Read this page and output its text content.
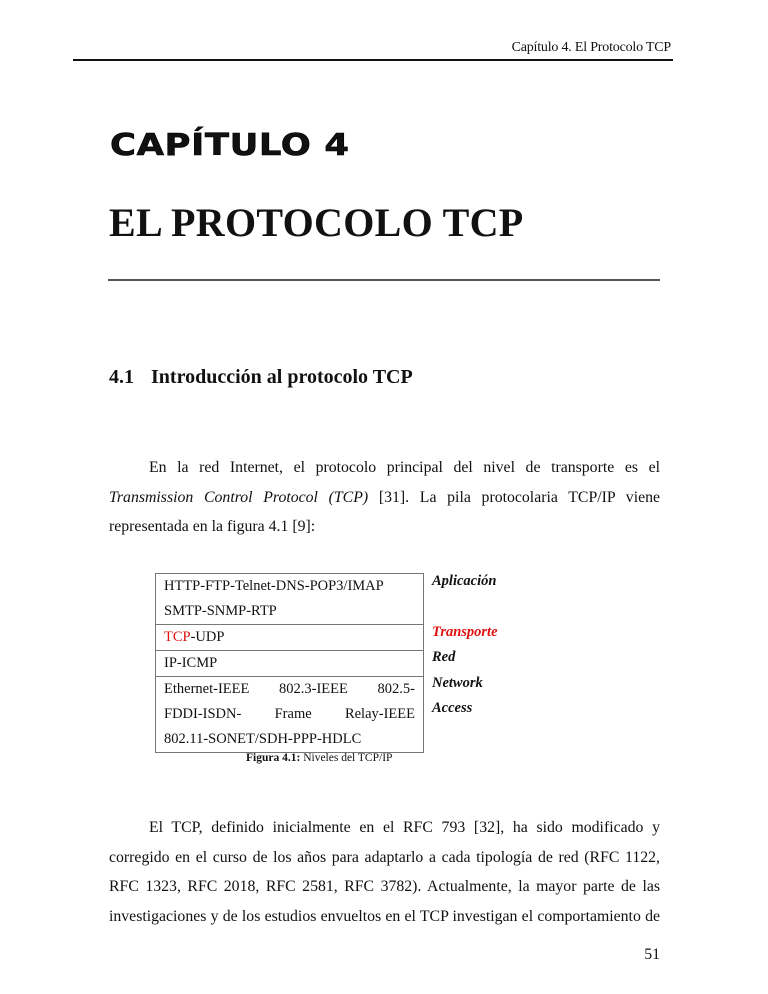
Capítulo 4. El Protocolo TCP
CAPÍTULO 4
EL PROTOCOLO TCP
4.1 Introducción al protocolo TCP
En la red Internet, el protocolo principal del nivel de transporte es el
Transmission Control Protocol (TCP) [31]. La pila protocolaria TCP/IP viene
representada en la figura 4.1 [9]:
HTTP-FTP-Telnet-DNS-POP3/IMAP
SMTP-SNMP-RTP
TCP-UDP
IP-ICMP
Ethernet-IEEE 802.3-IEEE 802.5-
FDDI-ISDN- Frame Relay-IEEE
802.11-SONET/SDH-PPP-HDLC
Aplicación
Transporte
Red
Network
Access
Figura 4.1: Niveles del TCP/IP
El TCP, definido inicialmente en el RFC 793 [32], ha sido modificado y
corregido en el curso de los años para adaptarlo a cada tipología de red (RFC 1122,
RFC 1323, RFC 2018, RFC 2581, RFC 3782). Actualmente, la mayor parte de las
investigaciones y de los estudios envueltos en el TCP investigan el comportamiento de
51
